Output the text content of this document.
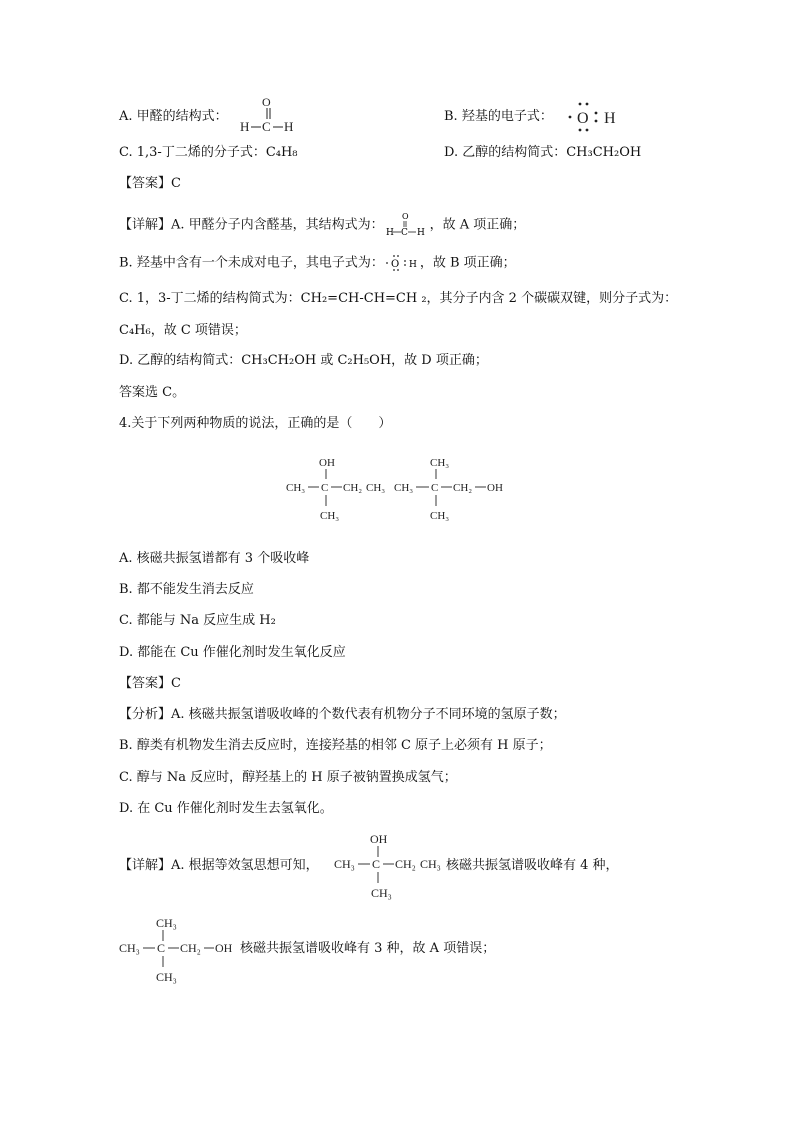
A. 甲醛的结构式：
O
H C H
B. 羟基的电子式： O H
C. 1,3-丁二烯的分子式：C₄H₈	D. 乙醇的结构简式：CH₃CH₂OH
【答案】C
【详解】A. 甲醛分子内含醛基，其结构式为：
O
H C H
，故 A 项正确；
B. 羟基中含有一个未成对电子，其电子式为： O H ，故 B 项正确；
C. 1，3-丁二烯的结构简式为：CH₂=CH-CH=CH ₂，其分子内含 2 个碳碳双键，则分子式为：
C₄H₆，故 C 项错误；
D. 乙醇的结构简式：CH₃CH₂OH 或 C₂H₅OH，故 D 项正确；
答案选 C。
4.关于下列两种物质的说法，正确的是（　　）
OH
CH₃ C CH₂ CH₃
CH₃
CH₃
CH₃ C CH₂ OH
CH₃
A. 核磁共振氢谱都有 3 个吸收峰
B. 都不能发生消去反应
C. 都能与 Na 反应生成 H₂
D. 都能在 Cu 作催化剂时发生氧化反应
【答案】C
【分析】A. 核磁共振氢谱吸收峰的个数代表有机物分子不同环境的氢原子数；
B. 醇类有机物发生消去反应时，连接羟基的相邻 C 原子上必须有 H 原子；
C. 醇与 Na 反应时，醇羟基上的 H 原子被钠置换成氢气；
D. 在 Cu 作催化剂时发生去氢氧化。
【详解】A. 根据等效氢思想可知，
OH
CH₃ C CH₂ CH₃
CH₃
核磁共振氢谱吸收峰有 4 种，
CH₃
CH₃ C CH₂ OH
CH₃
核磁共振氢谱吸收峰有 3 种，故 A 项错误；
